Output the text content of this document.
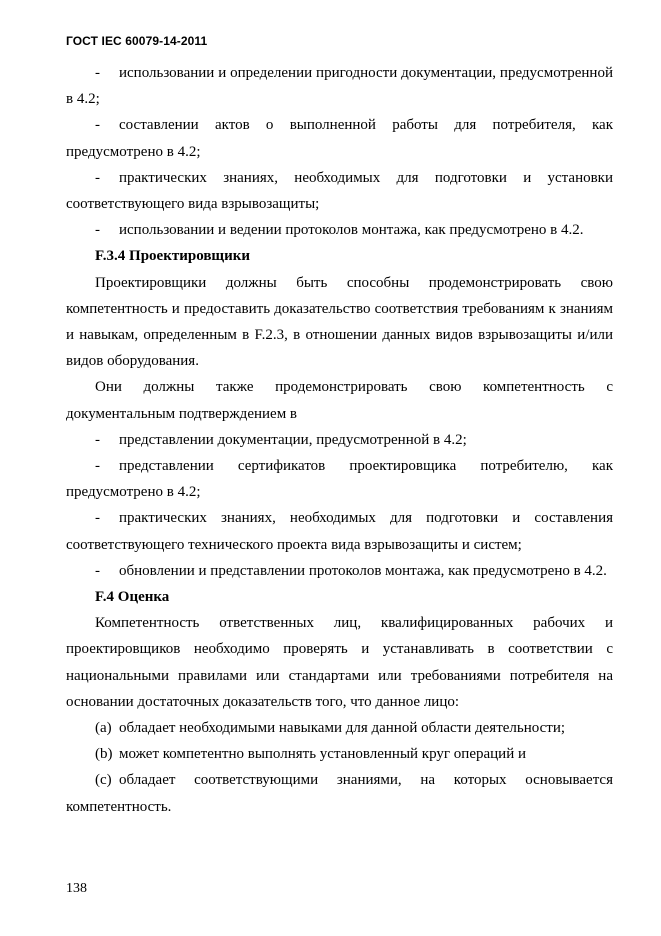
ГОСТ IEC 60079-14-2011

- использовании и определении пригодности документации, предусмотренной в 4.2;

- составлении актов о выполненной работы для потребителя, как предусмотрено в 4.2;

- практических знаниях, необходимых для подготовки и установки соответствующего вида взрывозащиты;

- использовании и ведении протоколов монтажа, как предусмотрено в 4.2.

F.3.4 Проектировщики

Проектировщики должны быть способны продемонстрировать свою компетентность и предоставить доказательство соответствия требованиям к знаниям и навыкам, определенным в F.2.3, в отношении данных видов взрывозащиты и/или видов оборудования.

Они должны также продемонстрировать свою компетентность с документальным подтверждением в

- представлении документации, предусмотренной в 4.2;

- представлении сертификатов проектировщика потребителю, как предусмотрено в 4.2;

- практических знаниях, необходимых для подготовки и составления соответствующего технического проекта вида взрывозащиты и систем;

- обновлении и представлении протоколов монтажа, как предусмотрено в 4.2.

F.4 Оценка

Компетентность ответственных лиц, квалифицированных рабочих и проектировщиков необходимо проверять и устанавливать в соответствии с национальными правилами или стандартами или требованиями потребителя на основании достаточных доказательств того, что данное лицо:

(a) обладает необходимыми навыками для данной области деятельности;

(b) может компетентно выполнять установленный круг операций и

(c) обладает соответствующими знаниями, на которых основывается компетентность.

138
